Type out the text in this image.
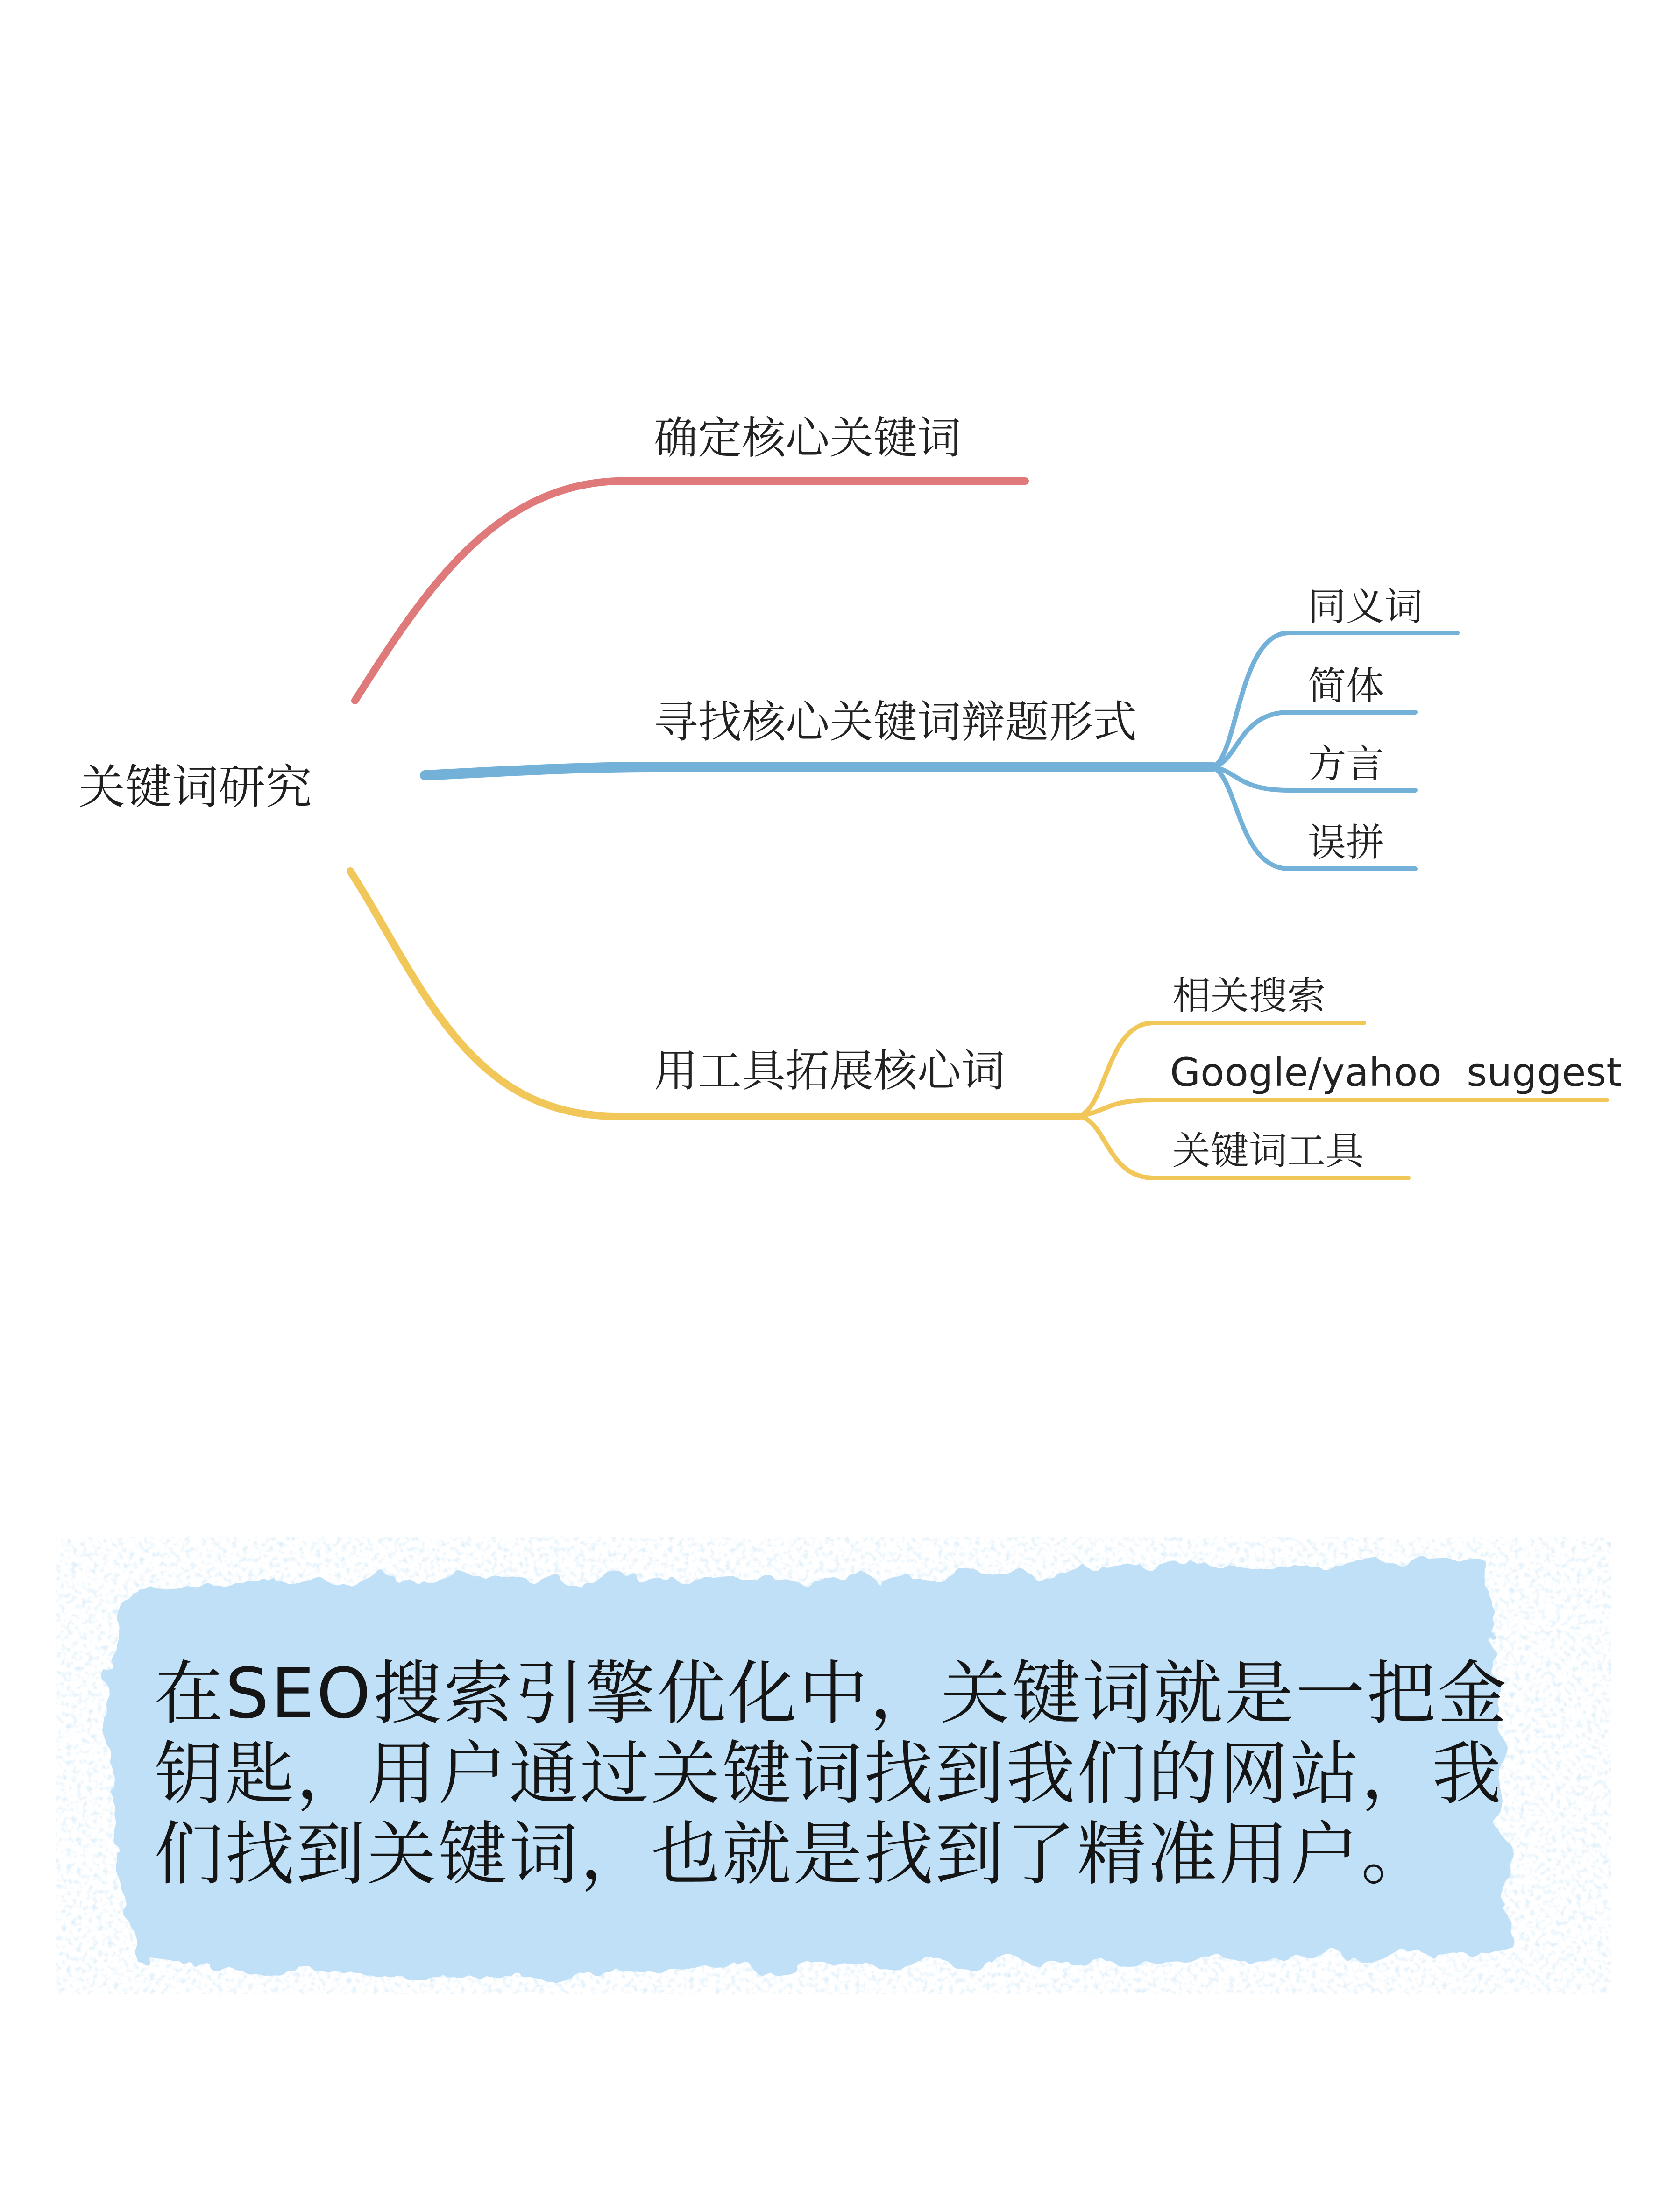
关键词研究
确定核心关键词
寻找核心关键词辩题形式
同义词
简体
方言
误拼
用工具拓展核心词
相关搜索
Google/yahoo  suggest
关键词工具

在SEO搜索引擎优化中，关键词就是一把金钥匙，用户通过关键词找到我们的网站，我们找到关键词，也就是找到了精准用户。
